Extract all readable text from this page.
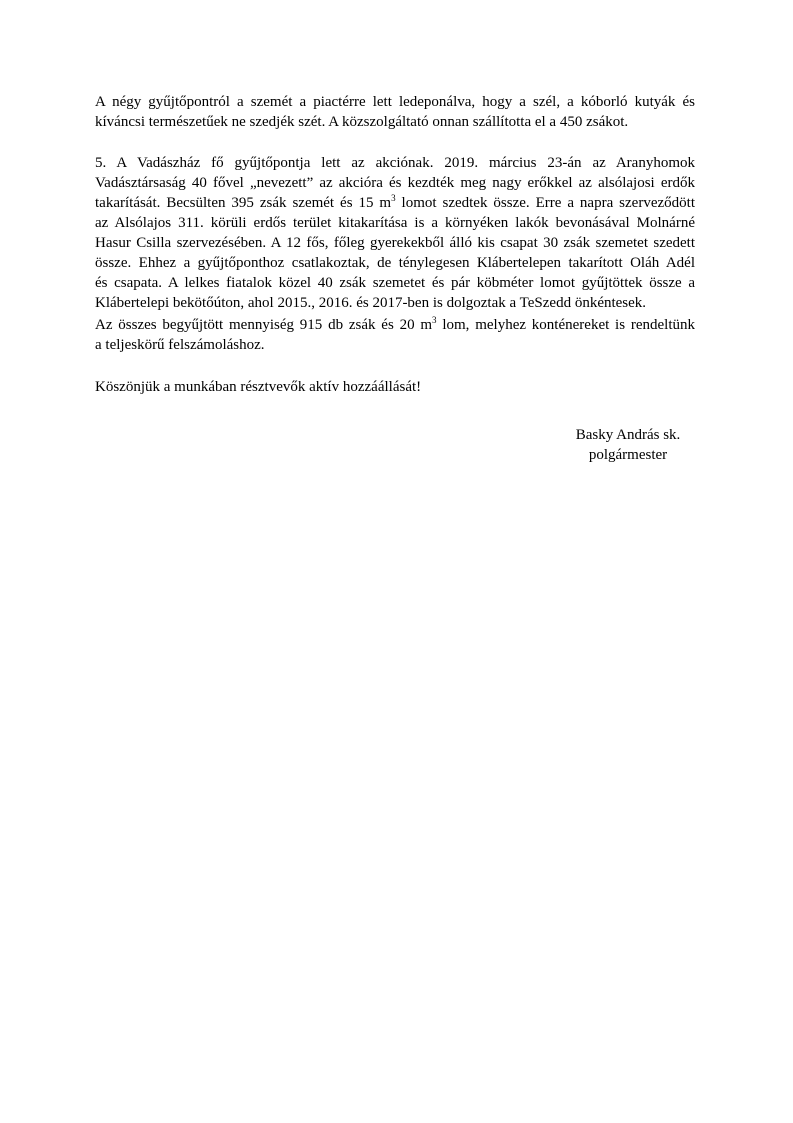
A négy gyűjtőpontról a szemét a piactérre lett ledeponálva, hogy a szél, a kóborló kutyák és
kíváncsi természetűek ne szedjék szét. A közszolgáltató onnan szállította el a 450 zsákot.
5. A Vadászház fő gyűjtőpontja lett az akciónak. 2019. március 23-án az Aranyhomok
Vadásztársaság 40 fővel „nevezett” az akcióra és kezdték meg nagy erőkkel az alsólajosi erdők
takarítását. Becsülten 395 zsák szemét és 15 $m^3$ lomot szedtek össze. Erre a napra szerveződött
az Alsólajos 311. körüli erdős terület kitakarítása is a környéken lakók bevonásával Molnárné
Hasur Csilla szervezésében. A 12 fős, főleg gyerekekből álló kis csapat 30 zsák szemetet szedett
össze. Ehhez a gyűjtőponthoz csatlakoztak, de ténylegesen Klábertelepen takarított Oláh Adél
és csapata. A lelkes fiatalok közel 40 zsák szemetet és pár köbméter lomot gyűjtöttek össze a
Klábertelepi bekötőúton, ahol 2015., 2016. és 2017-ben is dolgoztak a TeSzedd önkéntesek.
Az összes begyűjtött mennyiség 915 db zsák és 20 $m^3$ lom, melyhez konténereket is rendeltünk
a teljeskörű felszámoláshoz.
Köszönjük a munkában résztvevők aktív hozzáállását!
Basky András sk.
polgármester
